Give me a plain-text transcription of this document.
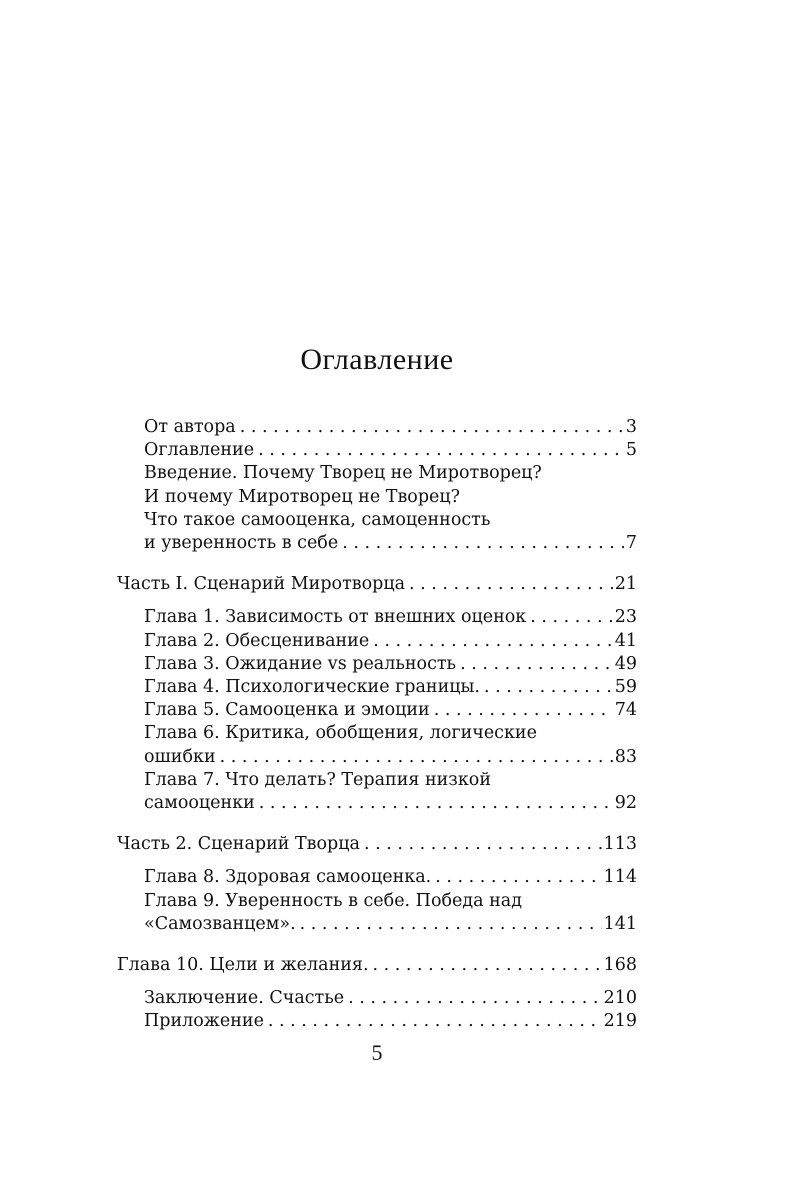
Оглавление
От автора . . .	3
Оглавление . . .	5
Введение. Почему Творец не Миротворец?
И почему Миротворец не Творец?
Что такое самооценка, самоценность
и уверенность в себе . . .	7
Часть I. Сценарий Миротворца . . .	21
Глава 1. Зависимость от внешних оценок . . .	23
Глава 2. Обесценивание . . .	41
Глава 3. Ожидание vs реальность . . .	49
Глава 4. Психологические границы. . . .	59
Глава 5. Самооценка и эмоции . . .	74
Глава 6. Критика, обобщения, логические
ошибки . . .	83
Глава 7. Что делать? Терапия низкой
самооценки . . .	92
Часть 2. Сценарий Творца . . .	113
Глава 8. Здоровая самооценка. . . .	114
Глава 9. Уверенность в себе. Победа над
«Самозванцем». . . .	141
Глава 10. Цели и желания. . . .	168
Заключение. Счастье . . .	210
Приложение . . .	219
5
